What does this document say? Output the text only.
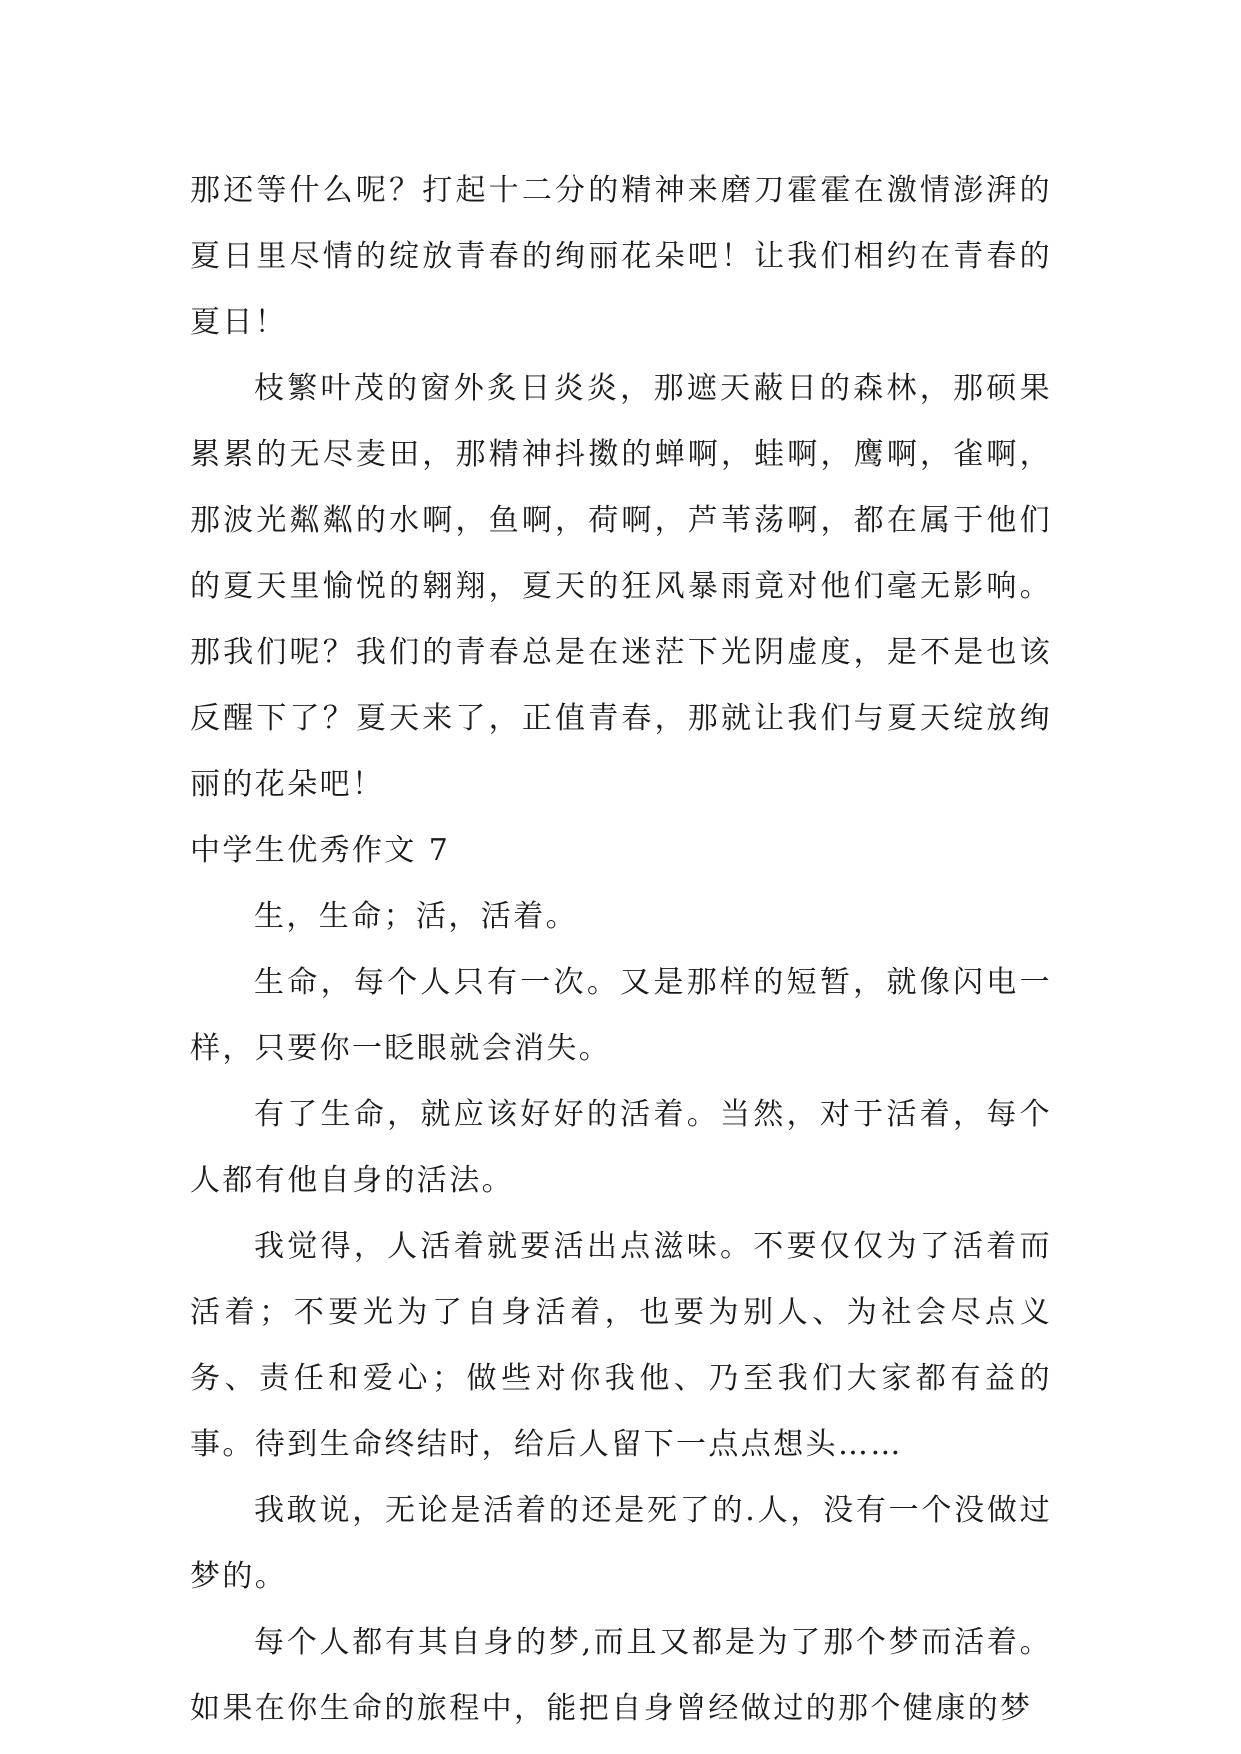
那还等什么呢？打起十二分的精神来磨刀霍霍在激情澎湃的夏日里尽情的绽放青春的绚丽花朵吧！让我们相约在青春的夏日！

枝繁叶茂的窗外炙日炎炎，那遮天蔽日的森林，那硕果累累的无尽麦田，那精神抖擞的蝉啊，蛙啊，鹰啊，雀啊，那波光粼粼的水啊，鱼啊，荷啊，芦苇荡啊，都在属于他们的夏天里愉悦的翱翔，夏天的狂风暴雨竟对他们毫无影响。那我们呢？我们的青春总是在迷茫下光阴虚度，是不是也该反醒下了？夏天来了，正值青春，那就让我们与夏天绽放绚丽的花朵吧！

中学生优秀作文 7

生，生命；活，活着。

生命，每个人只有一次。又是那样的短暂，就像闪电一样，只要你一眨眼就会消失。

有了生命，就应该好好的活着。当然，对于活着，每个人都有他自身的活法。

我觉得，人活着就要活出点滋味。不要仅仅为了活着而活着；不要光为了自身活着，也要为别人、为社会尽点义务、责任和爱心；做些对你我他、乃至我们大家都有益的事。待到生命终结时，给后人留下一点点想头……

我敢说，无论是活着的还是死了的.人，没有一个没做过梦的。

每个人都有其自身的梦,而且又都是为了那个梦而活着。如果在你生命的旅程中，能把自身曾经做过的那个健康的梦
